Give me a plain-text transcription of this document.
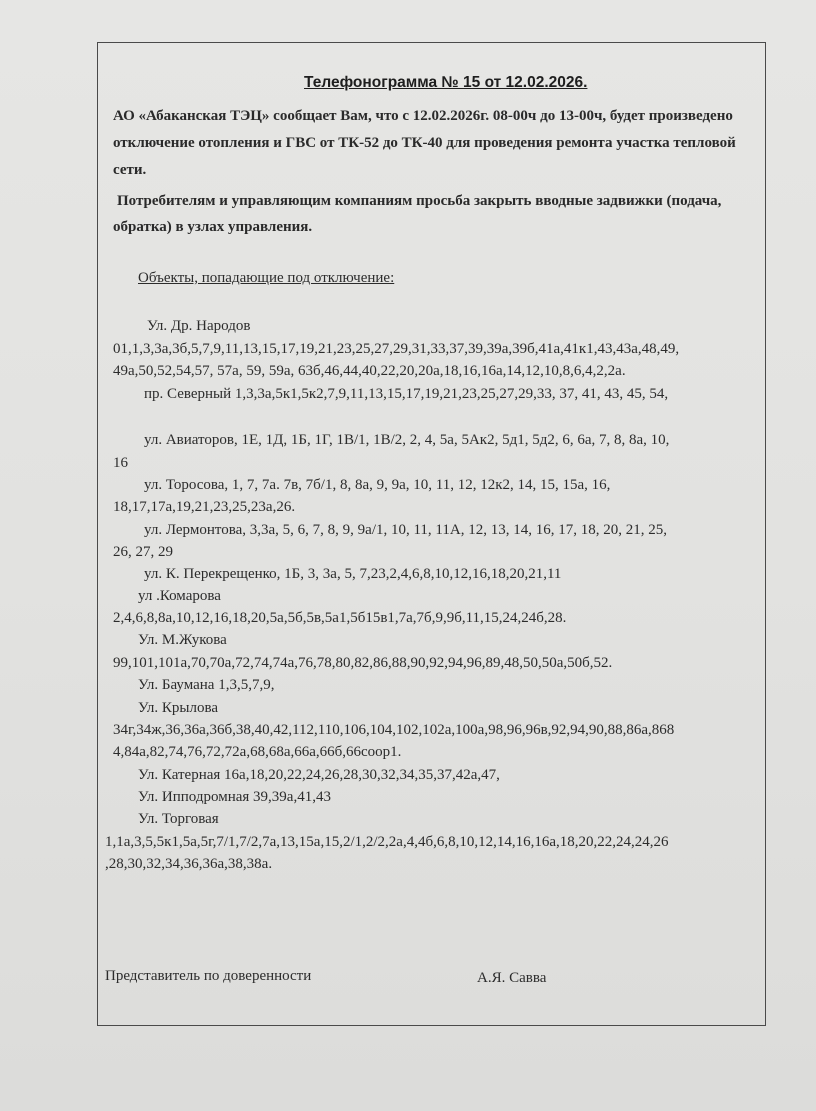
Телефонограмма № 15 от 12.02.2026.
АО «Абаканская ТЭЦ» сообщает Вам, что с 12.02.2026г. 08-00ч до 13-00ч, будет произведено
отключение отопления и ГВС от ТК-52 до ТК-40 для проведения ремонта участка тепловой
сети.
Потребителям и управляющим компаниям просьба закрыть вводные задвижки (подача,
обратка) в узлах управления.
Объекты, попадающие под отключение:
Ул. Др. Народов
01,1,3,3а,3б,5,7,9,11,13,15,17,19,21,23,25,27,29,31,33,37,39,39а,39б,41а,41к1,43,43а,48,49,
49а,50,52,54,57, 57а, 59, 59а, 63б,46,44,40,22,20,20а,18,16,16а,14,12,10,8,6,4,2,2а.
пр. Северный 1,3,3а,5к1,5к2,7,9,11,13,15,17,19,21,23,25,27,29,33, 37, 41, 43, 45, 54,
ул. Авиаторов, 1Е, 1Д, 1Б, 1Г, 1В/1, 1В/2, 2, 4, 5а, 5Ак2, 5д1, 5д2, 6, 6а, 7, 8, 8а, 10,
16
ул. Торосова, 1, 7, 7а. 7в, 7б/1, 8, 8а, 9, 9а, 10, 11, 12, 12к2, 14, 15, 15а, 16,
18,17,17а,19,21,23,25,23а,26.
ул. Лермонтова, 3,3а, 5, 6, 7, 8, 9, 9а/1, 10, 11, 11А, 12, 13, 14, 16, 17, 18, 20, 21, 25,
26, 27, 29
ул. К. Перекрещенко, 1Б, 3, 3а, 5, 7,23,2,4,6,8,10,12,16,18,20,21,11
ул .Комарова
2,4,6,8,8а,10,12,16,18,20,5а,5б,5в,5а1,5б15в1,7а,7б,9,9б,11,15,24,24б,28.
Ул. М.Жукова
99,101,101а,70,70а,72,74,74а,76,78,80,82,86,88,90,92,94,96,89,48,50,50а,50б,52.
Ул. Баумана 1,3,5,7,9,
Ул. Крылова
34г,34ж,36,36а,36б,38,40,42,112,110,106,104,102,102а,100а,98,96,96в,92,94,90,88,86а,868
4,84а,82,74,76,72,72а,68,68а,66а,66б,66соор1.
Ул. Катерная 16а,18,20,22,24,26,28,30,32,34,35,37,42а,47,
Ул. Ипподромная 39,39а,41,43
Ул. Торговая
1,1а,3,5,5к1,5а,5г,7/1,7/2,7а,13,15а,15,2/1,2/2,2а,4,4б,6,8,10,12,14,16,16а,18,20,22,24,24,26
,28,30,32,34,36,36а,38,38а.
Представитель по доверенности	А.Я. Савва
